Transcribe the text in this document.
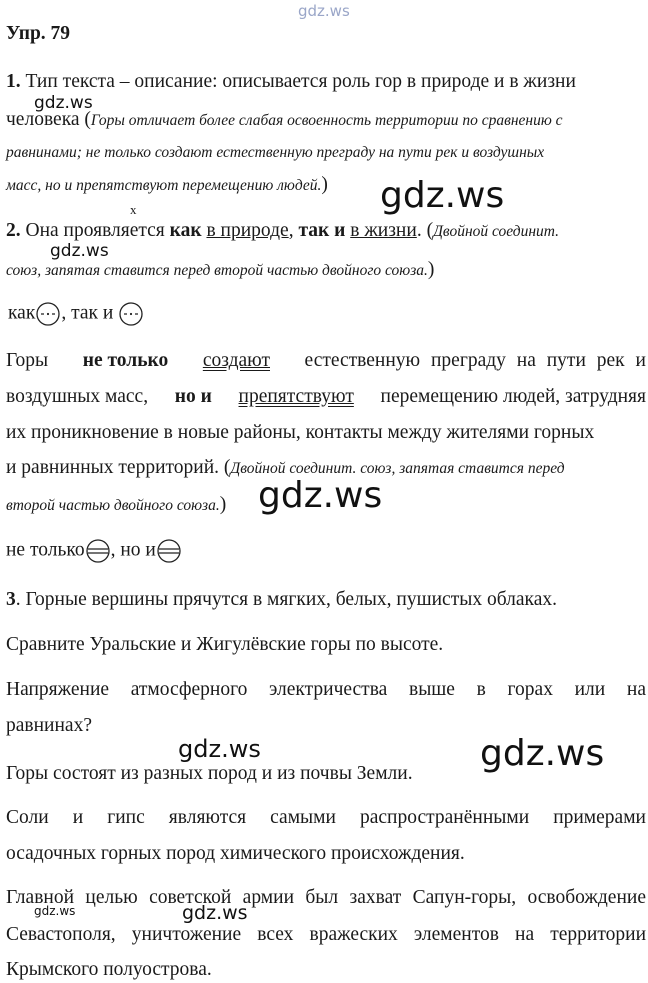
gdz.ws
Упр. 79
1. Тип текста – описание: описывается роль гор в природе и в жизни
gdz.ws
человека (Горы отличает более слабая освоенность территории по сравнению с
равнинами; не только создают естественную преграду на пути рек и воздушных
масс, но и препятствуют перемещению людей.) gdz.ws
x
2. Она проявляется как в природе, так и в жизни. (Двойной соединит.
gdz.ws
союз, запятая ставится перед второй частью двойного союза.)
как , так и
Горы не только создают естественную преграду на пути рек и
воздушных масс, но и препятствуют перемещению людей, затрудняя
их проникновение в новые районы, контакты между жителями горных
и равнинных территорий. (Двойной соединит. союз, запятая ставится перед
второй частью двойного союза.) gdz.ws
не только , но и
3. Горные вершины прячутся в мягких, белых, пушистых облаках.
Сравните Уральские и Жигулёвские горы по высоте.
Напряжение атмосферного электричества выше в горах или на
равнинах?
gdz.ws	gdz.ws
Горы состоят из разных пород и из почвы Земли.
Соли и гипс являются самыми распространёнными примерами
осадочных горных пород химического происхождения.
Главной целью советской армии был захват Сапун-горы, освобождение
gdz.ws	gdz.ws
Севастополя, уничтожение всех вражеских элементов на территории
Крымского полуострова.
